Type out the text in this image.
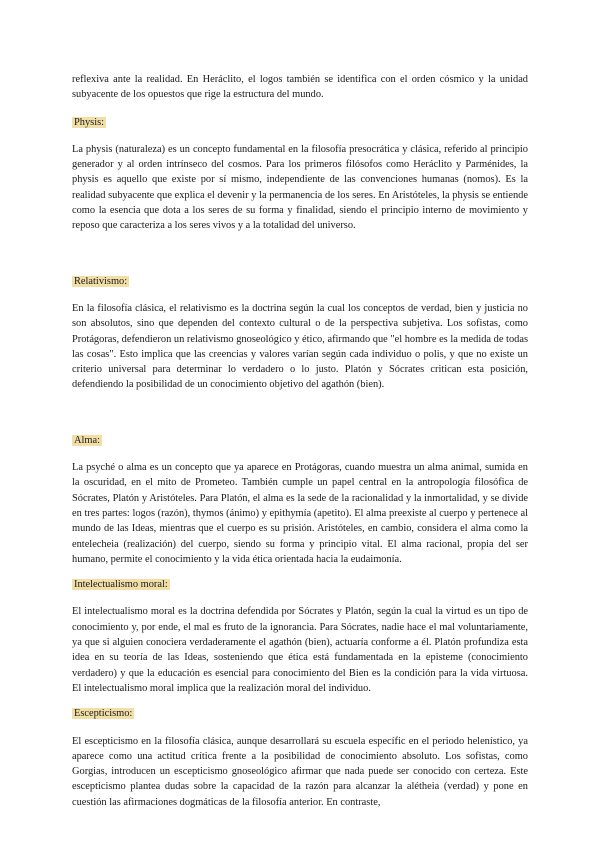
reflexiva ante la realidad. En Heráclito, el logos también se identifica con el orden cósmico y la unidad subyacente de los opuestos que rige la estructura del mundo.

Physis:

La physis (naturaleza) es un concepto fundamental en la filosofía presocrática y clásica, referido al principio generador y al orden intrínseco del cosmos. Para los primeros filósofos como Heráclito y Parménides, la physis es aquello que existe por sí mismo, independiente de las convenciones humanas (nomos). Es la realidad subyacente que explica el devenir y la permanencia de los seres. En Aristóteles, la physis se entiende como la esencia que dota a los seres de su forma y finalidad, siendo el principio interno de movimiento y reposo que caracteriza a los seres vivos y a la totalidad del universo.

Relativismo:

En la filosofía clásica, el relativismo es la doctrina según la cual los conceptos de verdad, bien y justicia no son absolutos, sino que dependen del contexto cultural o de la perspectiva subjetiva. Los sofistas, como Protágoras, defendieron un relativismo gnoseológico y ético, afirmando que "el hombre es la medida de todas las cosas". Esto implica que las creencias y valores varían según cada individuo o polis, y que no existe un criterio universal para determinar lo verdadero o lo justo. Platón y Sócrates critican esta posición, defendiendo la posibilidad de un conocimiento objetivo del agathón (bien).

Alma:

La psyché o alma es un concepto que ya aparece en Protágoras, cuando muestra un alma animal, sumida en la oscuridad, en el mito de Prometeo. También cumple un papel central en la antropología filosófica de Sócrates, Platón y Aristóteles. Para Platón, el alma es la sede de la racionalidad y la inmortalidad, y se divide en tres partes: logos (razón), thymos (ánimo) y epithymía (apetito). El alma preexiste al cuerpo y pertenece al mundo de las Ideas, mientras que el cuerpo es su prisión. Aristóteles, en cambio, considera el alma como la entelecheia (realización) del cuerpo, siendo su forma y principio vital. El alma racional, propia del ser humano, permite el conocimiento y la vida ética orientada hacia la eudaimonía.

Intelectualismo moral:

El intelectualismo moral es la doctrina defendida por Sócrates y Platón, según la cual la virtud es un tipo de conocimiento y, por ende, el mal es fruto de la ignorancia. Para Sócrates, nadie hace el mal voluntariamente, ya que si alguien conociera verdaderamente el agathón (bien), actuaría conforme a él. Platón profundiza esta idea en su teoría de las Ideas, sosteniendo que ética está fundamentada en la episteme (conocimiento verdadero) y que la educación es esencial para conocimiento del Bien es la condición para la vida virtuosa. El intelectualismo moral implica que la realización moral del individuo.

Escepticismo:

El escepticismo en la filosofía clásica, aunque desarrollará su escuela específic en el periodo helenístico, ya aparece como una actitud crítica frente a la posibilidad de conocimiento absoluto. Los sofistas, como Gorgias, introducen un escepticismo gnoseológico afirmar que nada puede ser conocido con certeza. Este escepticismo plantea dudas sobre la capacidad de la razón para alcanzar la alétheia (verdad) y pone en cuestión las afirmaciones dogmáticas de la filosofía anterior. En contraste,
